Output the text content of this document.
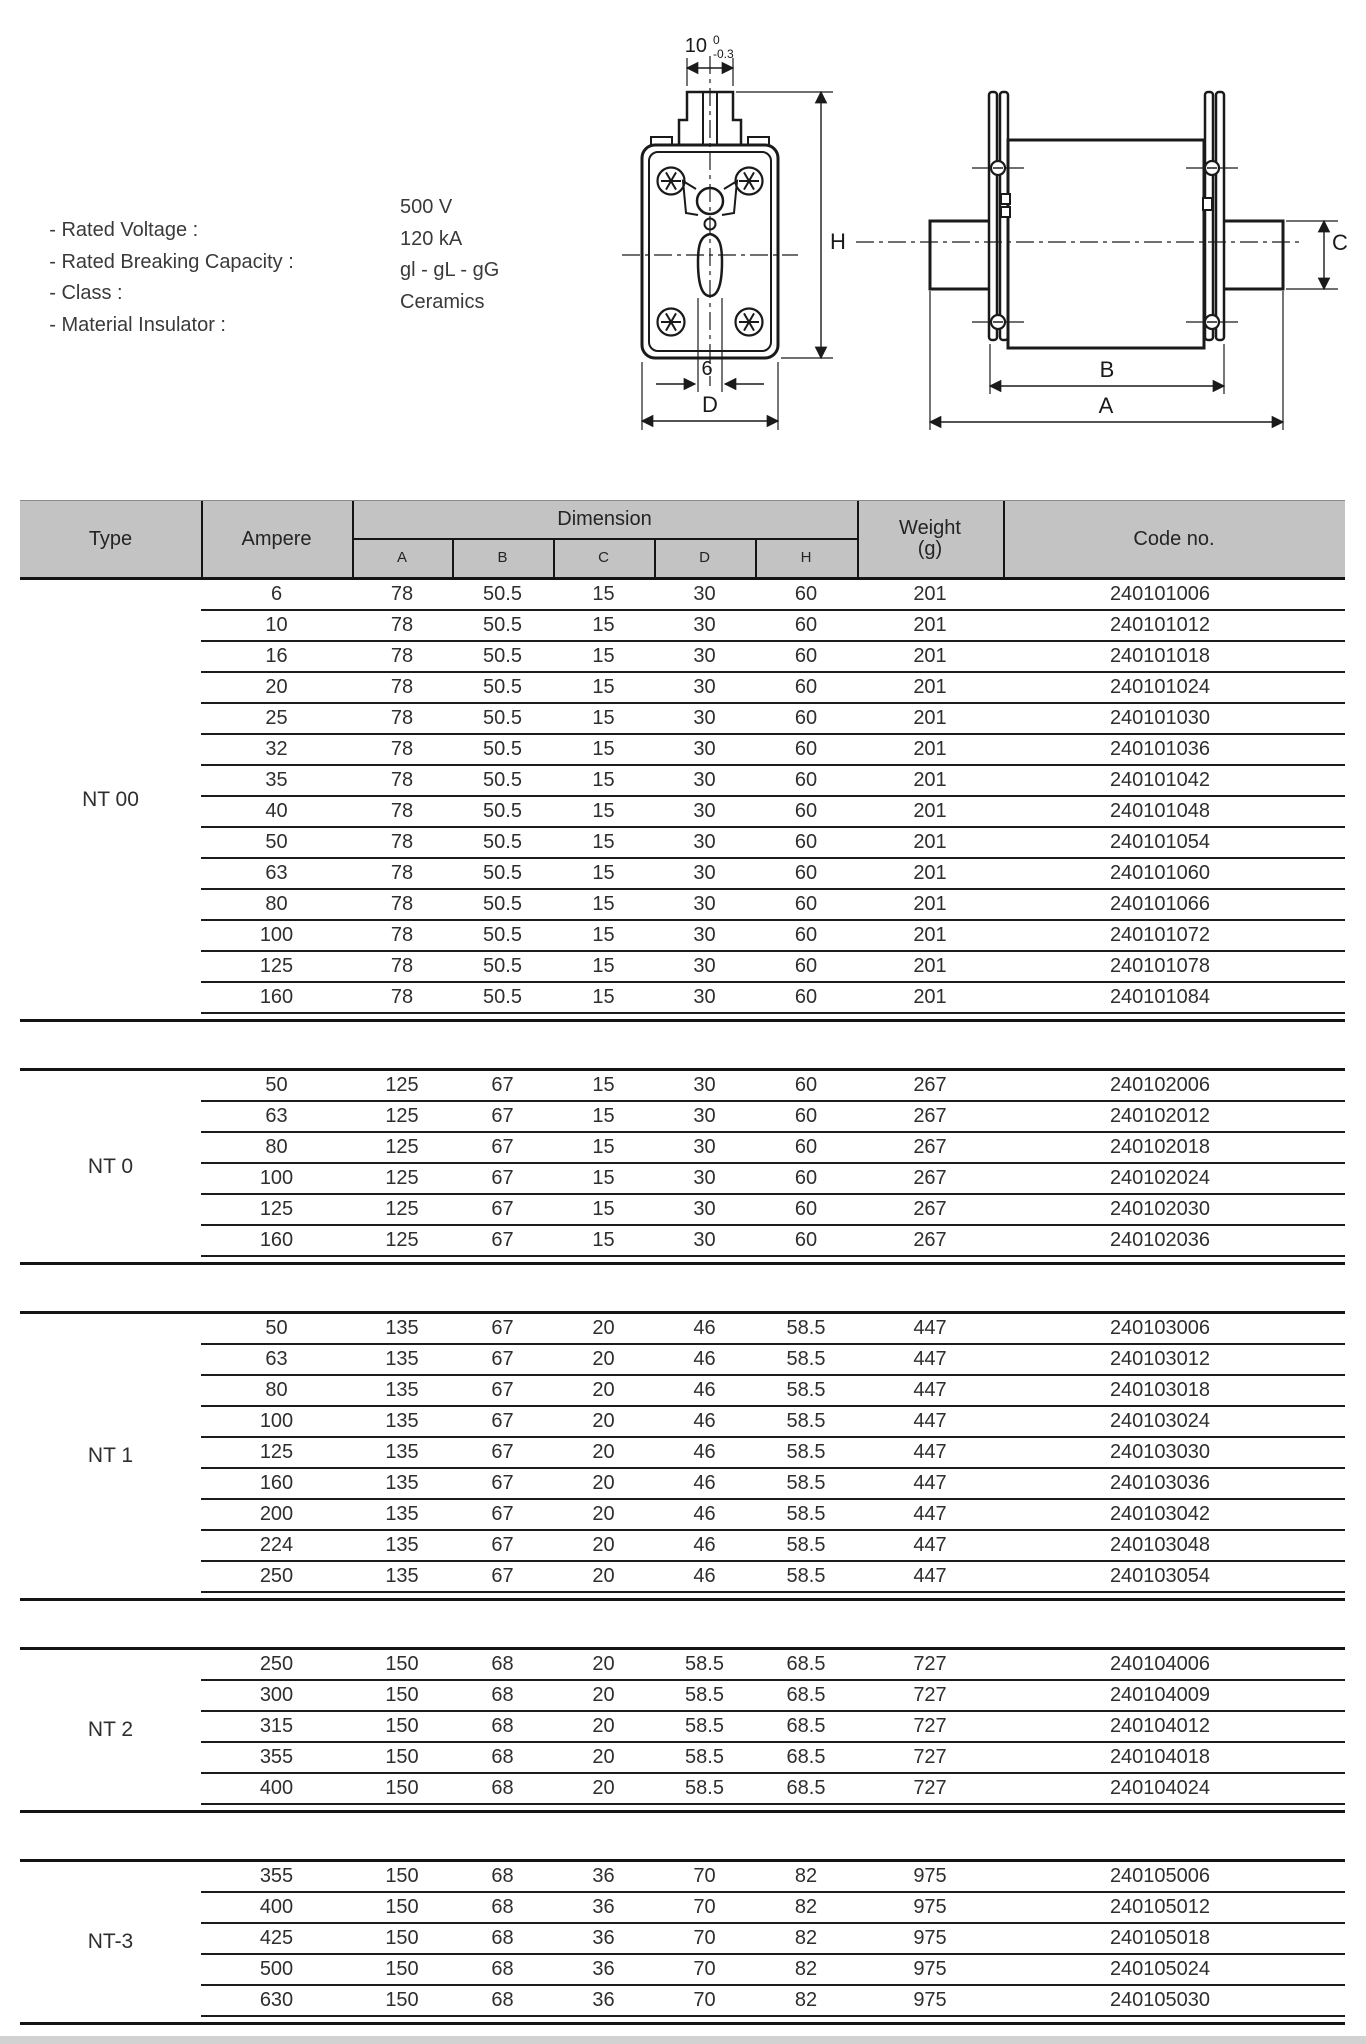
- Rated Voltage :

500 V

- Rated Breaking Capacity :

120 kA

- Class :

gl - gL - gG

- Material Insulator :

Ceramics

10 0
-0.3
H
6
D
C
B
A
Type	Ampere
Dimension
A	B	C	D	H
Weight
(g)	Code no.
NT 00
6	78	50.5	15	30	60	201	240101006
10	78	50.5	15	30	60	201	240101012
16	78	50.5	15	30	60	201	240101018
20	78	50.5	15	30	60	201	240101024
25	78	50.5	15	30	60	201	240101030
32	78	50.5	15	30	60	201	240101036
35	78	50.5	15	30	60	201	240101042
40	78	50.5	15	30	60	201	240101048
50	78	50.5	15	30	60	201	240101054
63	78	50.5	15	30	60	201	240101060
80	78	50.5	15	30	60	201	240101066
100	78	50.5	15	30	60	201	240101072
125	78	50.5	15	30	60	201	240101078
160	78	50.5	15	30	60	201	240101084
NT 0
50	125	67	15	30	60	267	240102006
63	125	67	15	30	60	267	240102012
80	125	67	15	30	60	267	240102018
100	125	67	15	30	60	267	240102024
125	125	67	15	30	60	267	240102030
160	125	67	15	30	60	267	240102036
NT 1
50	135	67	20	46	58.5	447	240103006
63	135	67	20	46	58.5	447	240103012
80	135	67	20	46	58.5	447	240103018
100	135	67	20	46	58.5	447	240103024
125	135	67	20	46	58.5	447	240103030
160	135	67	20	46	58.5	447	240103036
200	135	67	20	46	58.5	447	240103042
224	135	67	20	46	58.5	447	240103048
250	135	67	20	46	58.5	447	240103054
NT 2
250	150	68	20	58.5	68.5	727	240104006
300	150	68	20	58.5	68.5	727	240104009
315	150	68	20	58.5	68.5	727	240104012
355	150	68	20	58.5	68.5	727	240104018
400	150	68	20	58.5	68.5	727	240104024
NT-3
355	150	68	36	70	82	975	240105006
400	150	68	36	70	82	975	240105012
425	150	68	36	70	82	975	240105018
500	150	68	36	70	82	975	240105024
630	150	68	36	70	82	975	240105030
